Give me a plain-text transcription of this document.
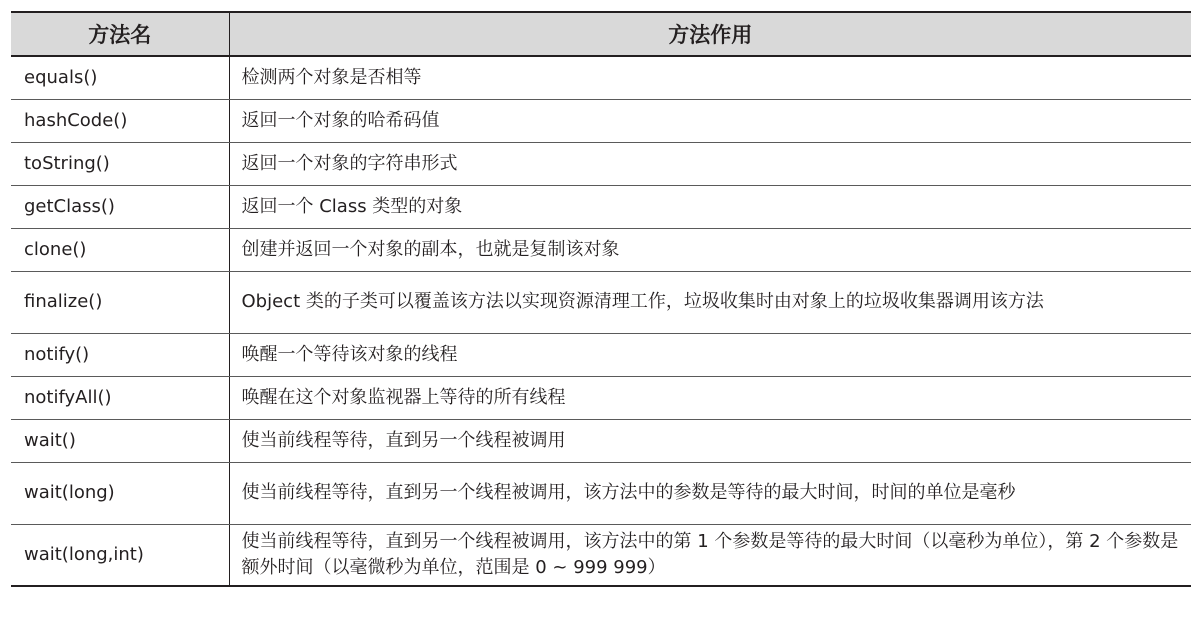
方法名	方法作用
equals()	检测两个对象是否相等
hashCode()	返回一个对象的哈希码值
toString()	返回一个对象的字符串形式
getClass()	返回一个 Class 类型的对象
clone()	创建并返回一个对象的副本，也就是复制该对象
finalize()	Object 类的子类可以覆盖该方法以实现资源清理工作，垃圾收集时由对象上的垃圾收集器调用该方法
notify()	唤醒一个等待该对象的线程
notifyAll()	唤醒在这个对象监视器上等待的所有线程
wait()	使当前线程等待，直到另一个线程被调用
wait(long)	使当前线程等待，直到另一个线程被调用，该方法中的参数是等待的最大时间，时间的单位是毫秒
wait(long,int)	使当前线程等待，直到另一个线程被调用，该方法中的第 1 个参数是等待的最大时间（以毫秒为单位），第 2 个参数是额外时间（以毫微秒为单位，范围是 0 ~ 999 999）
